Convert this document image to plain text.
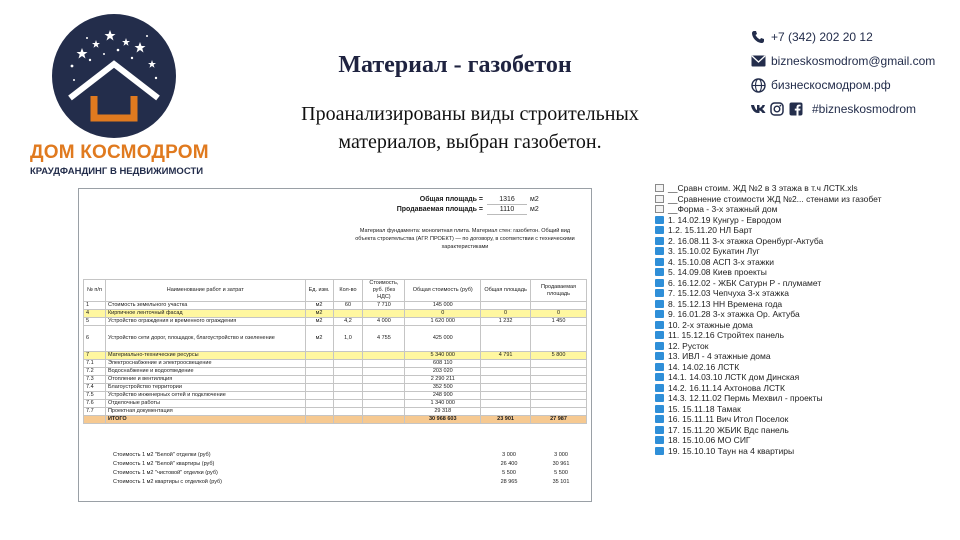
ДОМ КОСМОДРОМ
КРАУДФАНДИНГ В НЕДВИЖИМОСТИ
Материал - газобетон
Проанализированы виды строительных
материалов, выбран газобетон.
+7 (342) 202 20 12
bizneskosmodrom@gmail.com
бизнескосмодром.рф
#bizneskosmodrom
Общая площадь =	1316	м2
Продаваемая площадь =	1110	м2
Материал фундамента: монолитная плита. Материал стен: газобетон. Общий вид объекта строительства (АГР. ПРОЕКТ) — по договору, в соответствии с техническими характеристиками
№ п/п	Наименование работ и затрат	Ед. изм.	Кол-во	Стоимость, руб. (без НДС)	Общая стоимость (руб)	Общая площадь	Продаваемая площадь
1	Стоимость земельного участка	м2	60	7 710	145 000		
4	Кирпичное ленточный фасад	м2			0	0	0
5	Устройство ограждения и временного ограждения	м2	4,2	4 000	1 620 000	1 232	1 450
6	Устройство сети дорог, площадок, благоустройство и озеленение	м2	1,0	4 755	425 000		
7	Материально-технические ресурсы				5 340 000	4 791	5 800
7.1	Электроснабжение и электроосвещение				608 110		
7.2	Водоснабжение и водоотведение				203 020		
7.3	Отопление и вентиляция				2 290 211		
7.4	Благоустройство территории				352 500		
7.5	Устройство инженерных сетей и подключение				248 900		
7.6	Отделочные работы				1 340 000		
7.7	Проектная документация				29 318		
	ИТОГО				30 968 603	23 901	27 987
Стоимость 1 м2 "Белой" отделки (руб)	3 000	3 000
Стоимость 1 м2 "Белой" квартиры (руб)	26 400	30 961
Стоимость 1 м2 "чистовой" отделки (руб)	5 500	5 500
Стоимость 1 м2 квартиры с отделкой (руб)	28 965	35 101
__Сравн стоим. ЖД №2 в 3 этажа в т.ч ЛСТК.xls
__Сравнение стоимости ЖД №2... стенами из газобет
__Форма - 3-х этажный дом
1. 14.02.19 Кунгур - Евродом
1.2. 15.11.20 НЛ Барт
2. 16.08.11 3-х этажка Оренбург-Актуба
3. 15.10.02 Букатин Луг
4. 15.10.08 АСП 3-х этажки
5. 14.09.08 Киев проекты
6. 16.12.02 - ЖБК Сатурн Р - плумамет
7. 15.12.03 Чепчуха 3-х этажка
8. 15.12.13 НН Времена года
9. 16.01.28 3-х этажка Ор. Актуба
10. 2-х этажные дома
11. 15.12.16 Стройтех панель
12. Русток
13. ИВЛ - 4 этажные дома
14. 14.02.16 ЛСТК
14.1. 14.03.10 ЛСТК дом Динская
14.2. 16.11.14 Ахтонова ЛСТК
14.3. 12.11.02 Пермь Мехвил - проекты
15. 15.11.18 Тамак
16. 15.11.11 Вич Итол Поселок
17. 15.11.20 ЖБИК Вдс панель
18. 15.10.06 МО СИГ
19. 15.10.10 Таун на 4 квартиры
